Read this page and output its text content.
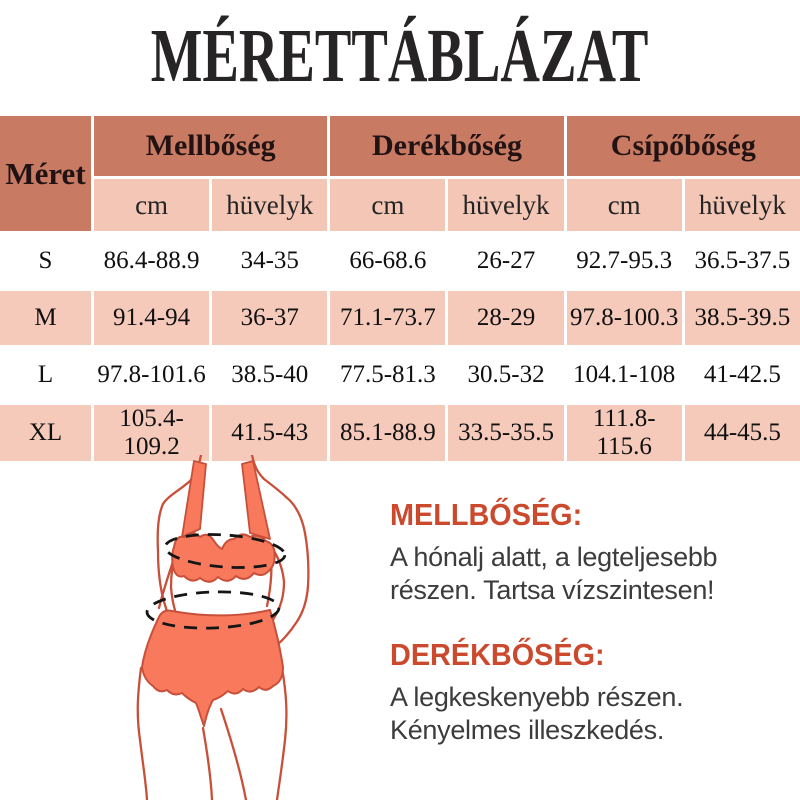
MÉRETTÁBLÁZAT
Méret	Mellbőség		Derékbőség		Csípőbőség	
	cm	hüvelyk	cm	hüvelyk	cm	hüvelyk
S	86.4-88.9	34-35	66-68.6	26-27	92.7-95.3	36.5-37.5
M	91.4-94	36-37	71.1-73.7	28-29	97.8-100.3	38.5-39.5
L	97.8-101.6	38.5-40	77.5-81.3	30.5-32	104.1-108	41-42.5
XL	105.4-109.2	41.5-43	85.1-88.9	33.5-35.5	111.8-115.6	44-45.5
MELLBŐSÉG:

A hónalj alatt, a legteljesebb részen. Tartsa vízszintesen!

DERÉKBŐSÉG:

A legkeskenyebb részen. Kényelmes illeszkedés.
